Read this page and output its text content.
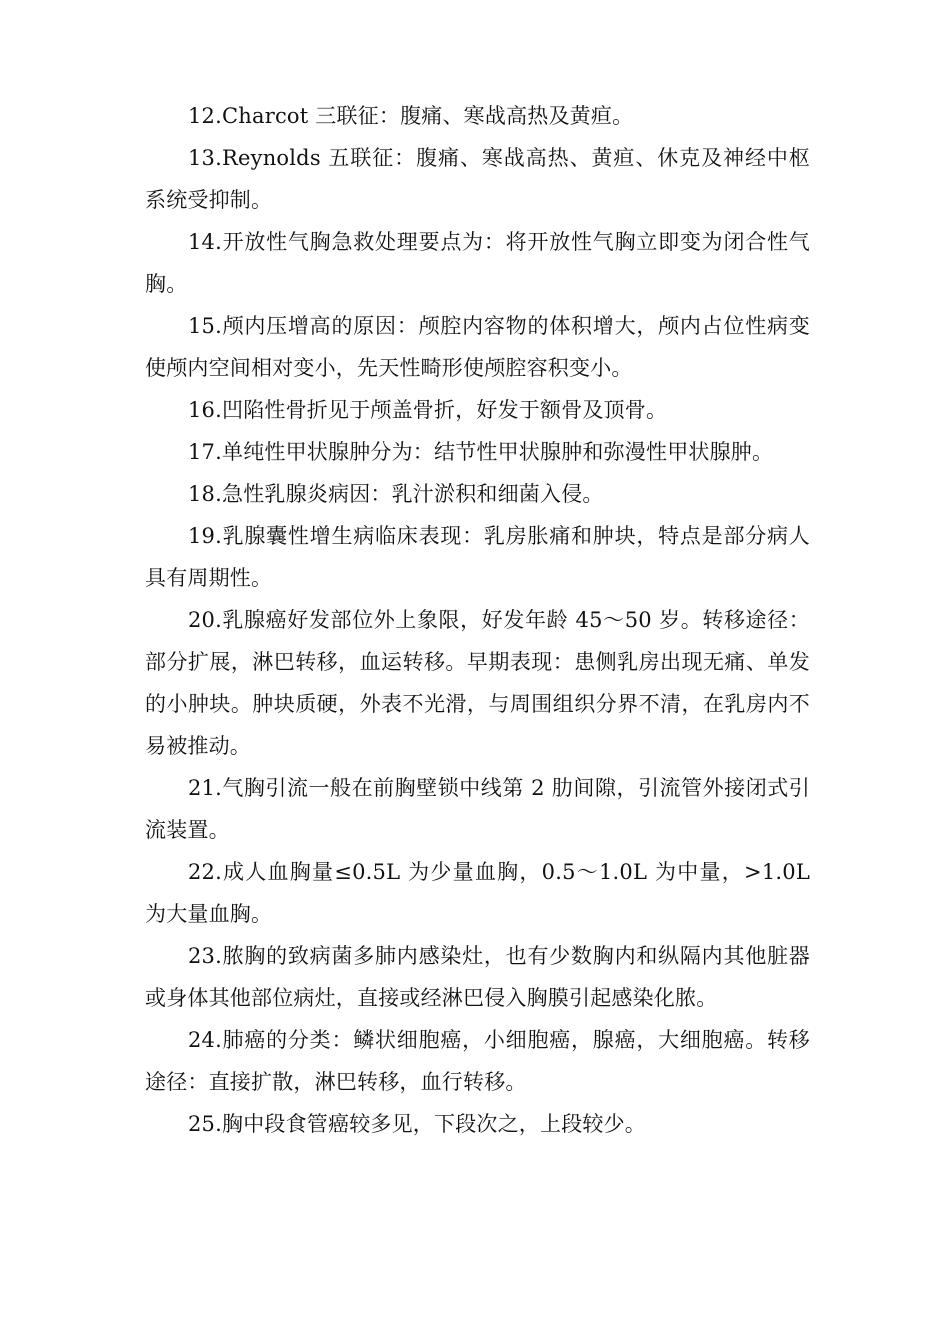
12.Charcot 三联征：腹痛、寒战高热及黄疸。

13.Reynolds 五联征：腹痛、寒战高热、黄疸、休克及神经中枢系统受抑制。

14.开放性气胸急救处理要点为：将开放性气胸立即变为闭合性气胸。

15.颅内压增高的原因：颅腔内容物的体积增大，颅内占位性病变使颅内空间相对变小，先天性畸形使颅腔容积变小。

16.凹陷性骨折见于颅盖骨折，好发于额骨及顶骨。

17.单纯性甲状腺肿分为：结节性甲状腺肿和弥漫性甲状腺肿。

18.急性乳腺炎病因：乳汁淤积和细菌入侵。

19.乳腺囊性增生病临床表现：乳房胀痛和肿块，特点是部分病人具有周期性。

20.乳腺癌好发部位外上象限，好发年龄 45～50 岁。转移途径：部分扩展，淋巴转移，血运转移。早期表现：患侧乳房出现无痛、单发的小肿块。肿块质硬，外表不光滑，与周围组织分界不清，在乳房内不易被推动。

21.气胸引流一般在前胸壁锁中线第 2 肋间隙，引流管外接闭式引流装置。

22.成人血胸量≤0.5L 为少量血胸，0.5～1.0L 为中量，>1.0L 为大量血胸。

23.脓胸的致病菌多肺内感染灶，也有少数胸内和纵隔内其他脏器或身体其他部位病灶，直接或经淋巴侵入胸膜引起感染化脓。

24.肺癌的分类：鳞状细胞癌，小细胞癌，腺癌，大细胞癌。转移途径：直接扩散，淋巴转移，血行转移。

25.胸中段食管癌较多见，下段次之，上段较少。
